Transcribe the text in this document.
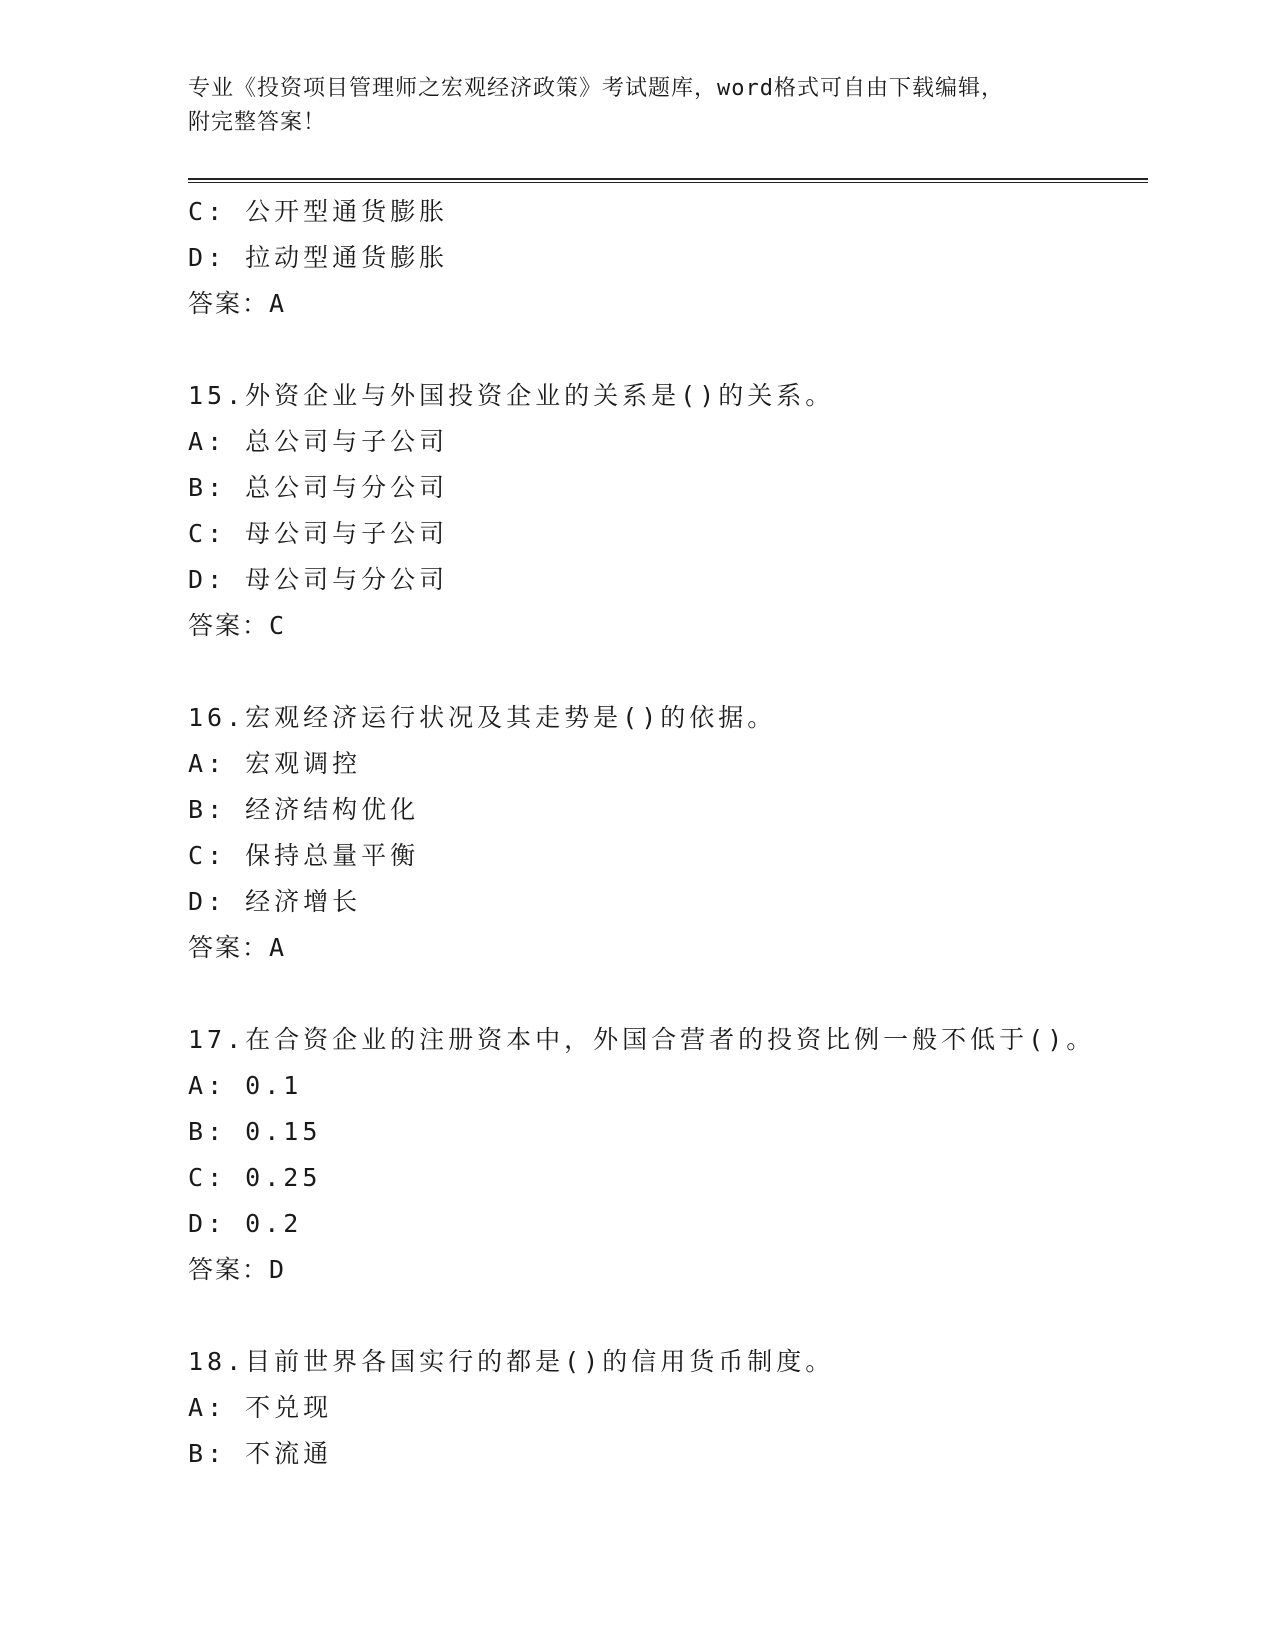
专业《投资项目管理师之宏观经济政策》考试题库，word格式可自由下载编辑，
附完整答案！
C: 公开型通货膨胀
D: 拉动型通货膨胀
答案：A
15.外资企业与外国投资企业的关系是()的关系。
A: 总公司与子公司
B: 总公司与分公司
C: 母公司与子公司
D: 母公司与分公司
答案：C
16.宏观经济运行状况及其走势是()的依据。
A: 宏观调控
B: 经济结构优化
C: 保持总量平衡
D: 经济增长
答案：A
17.在合资企业的注册资本中，外国合营者的投资比例一般不低于()。
A: 0.1
B: 0.15
C: 0.25
D: 0.2
答案：D
18.目前世界各国实行的都是()的信用货币制度。
A: 不兑现
B: 不流通
